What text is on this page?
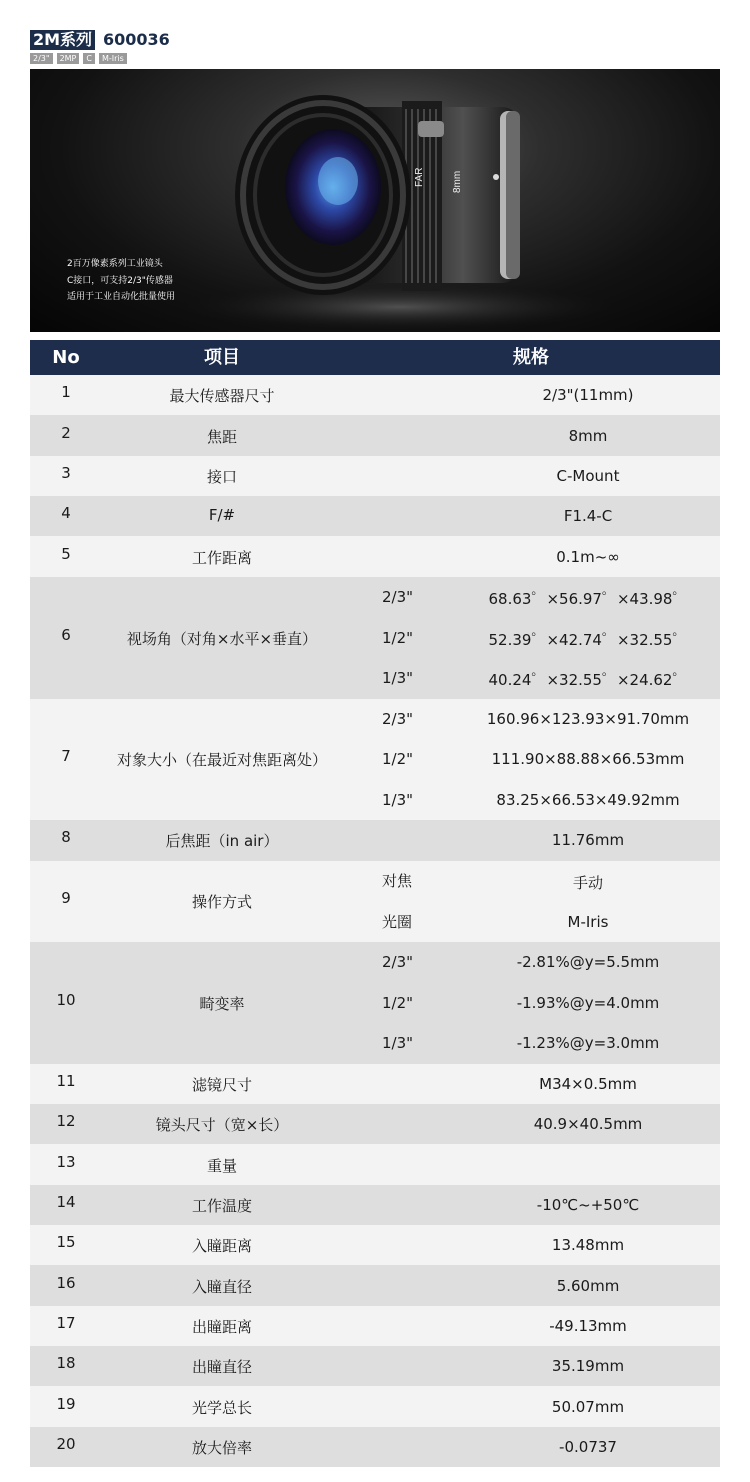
2M系列 600036
2/3" 2MP C M-Iris
FAR	8mm
2百万像素系列工业镜头
C接口，可支持2/3"传感器
适用于工业自动化批量使用
No	项目	规格
1	最大传感器尺寸	2/3"(11mm)
2	焦距	8mm
3	接口	C-Mount
4	F/#	F1.4-C
5	工作距离	0.1m~∞
6	视场角（对角×水平×垂直）
2/3"	68.63゜×56.97゜×43.98゜
1/2"	52.39゜×42.74゜×32.55゜
1/3"	40.24゜×32.55゜×24.62゜
7	对象大小（在最近对焦距离处）
2/3"	160.96×123.93×91.70mm
1/2"	111.90×88.88×66.53mm
1/3"	83.25×66.53×49.92mm
8	后焦距（in air）	11.76mm
9	操作方式
对焦	手动
光圈	M-Iris
10	畸变率
2/3"	-2.81%@y=5.5mm
1/2"	-1.93%@y=4.0mm
1/3"	-1.23%@y=3.0mm
11	滤镜尺寸	M34×0.5mm
12	镜头尺寸（宽×长）	40.9×40.5mm
13	重量
14	工作温度	-10℃~+50℃
15	入瞳距离	13.48mm
16	入瞳直径	5.60mm
17	出瞳距离	-49.13mm
18	出瞳直径	35.19mm
19	光学总长	50.07mm
20	放大倍率	-0.0737
